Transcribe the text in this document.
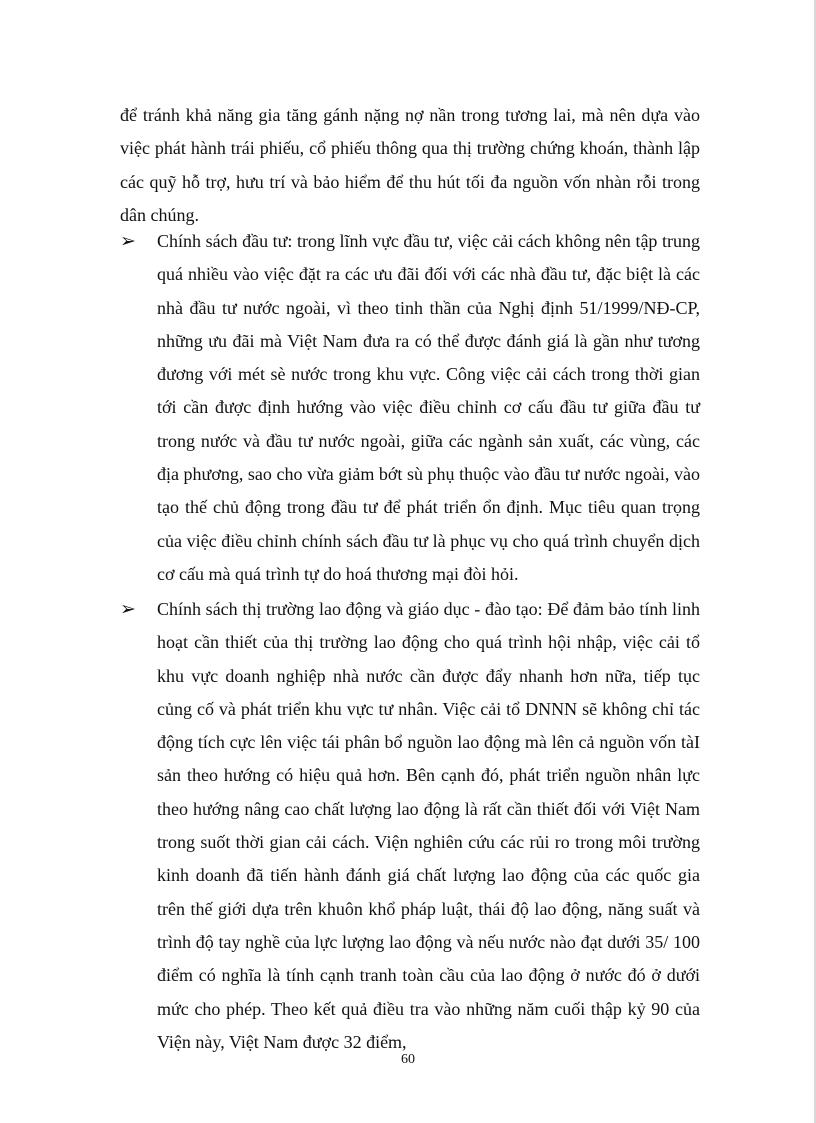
để tránh khả năng gia tăng gánh nặng nợ nần trong tương lai, mà nên dựa vào việc phát hành trái phiếu, cổ phiếu thông qua thị trường chứng khoán, thành lập các quỹ hỗ trợ, hưu trí và bảo hiểm để thu hút tối đa nguồn vốn nhàn rỗi trong dân chúng.

➢ Chính sách đầu tư: trong lĩnh vực đầu tư, việc cải cách không nên tập trung quá nhiều vào việc đặt ra các ưu đãi đối với các nhà đầu tư, đặc biệt là các nhà đầu tư nước ngoài, vì theo tinh thần của Nghị định 51/1999/NĐ-CP, những ưu đãi mà Việt Nam đưa ra có thể được đánh giá là gần như tương đương với mét sè nước trong khu vực. Công việc cải cách trong thời gian tới cần được định hướng vào việc điều chỉnh cơ cấu đầu tư giữa đầu tư trong nước và đầu tư nước ngoài, giữa các ngành sản xuất, các vùng, các địa phương, sao cho vừa giảm bớt sù phụ thuộc vào đầu tư nước ngoài, vào tạo thế chủ động trong đầu tư để phát triển ổn định. Mục tiêu quan trọng của việc điều chỉnh chính sách đầu tư là phục vụ cho quá trình chuyển dịch cơ cấu mà quá trình tự do hoá thương mại đòi hỏi.

➢ Chính sách thị trường lao động và giáo dục - đào tạo: Để đảm bảo tính linh hoạt cần thiết của thị trường lao động cho quá trình hội nhập, việc cải tổ khu vực doanh nghiệp nhà nước cần được đẩy nhanh hơn nữa, tiếp tục củng cố và phát triển khu vực tư nhân. Việc cải tổ DNNN sẽ không chỉ tác động tích cực lên việc tái phân bổ nguồn lao động mà lên cả nguồn vốn tàI sản theo hướng có hiệu quả hơn. Bên cạnh đó, phát triển nguồn nhân lực theo hướng nâng cao chất lượng lao động là rất cần thiết đối với Việt Nam trong suốt thời gian cải cách. Viện nghiên cứu các rủi ro trong môi trường kinh doanh đã tiến hành đánh giá chất lượng lao động của các quốc gia trên thế giới dựa trên khuôn khổ pháp luật, thái độ lao động, năng suất và trình độ tay nghề của lực lượng lao động và nếu nước nào đạt dưới 35/ 100 điểm có nghĩa là tính cạnh tranh toàn cầu của lao động ở nước đó ở dưới mức cho phép. Theo kết quả điều tra vào những năm cuối thập kỷ 90 của Viện này, Việt Nam được 32 điểm,

60
